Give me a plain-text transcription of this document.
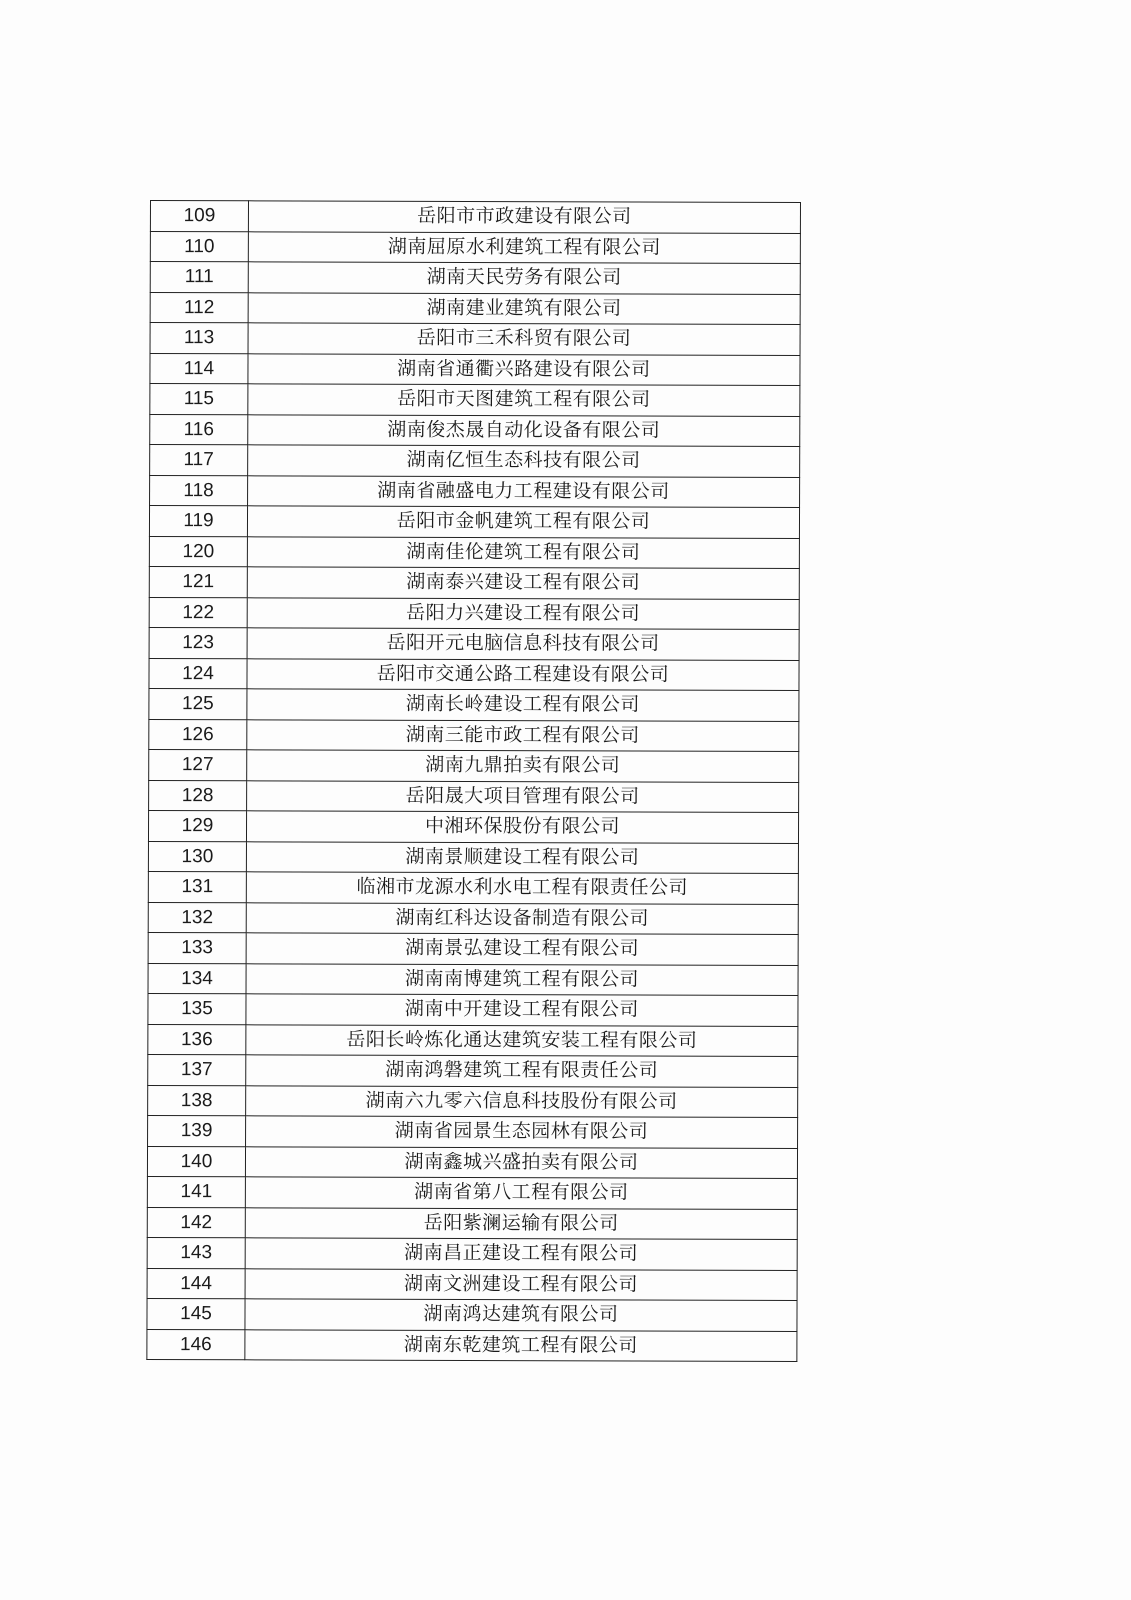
109	岳阳市市政建设有限公司
110	湖南屈原水利建筑工程有限公司
111	湖南天民劳务有限公司
112	湖南建业建筑有限公司
113	岳阳市三禾科贸有限公司
114	湖南省通衢兴路建设有限公司
115	岳阳市天图建筑工程有限公司
116	湖南俊杰晟自动化设备有限公司
117	湖南亿恒生态科技有限公司
118	湖南省融盛电力工程建设有限公司
119	岳阳市金帆建筑工程有限公司
120	湖南佳伦建筑工程有限公司
121	湖南泰兴建设工程有限公司
122	岳阳力兴建设工程有限公司
123	岳阳开元电脑信息科技有限公司
124	岳阳市交通公路工程建设有限公司
125	湖南长岭建设工程有限公司
126	湖南三能市政工程有限公司
127	湖南九鼎拍卖有限公司
128	岳阳晟大项目管理有限公司
129	中湘环保股份有限公司
130	湖南景顺建设工程有限公司
131	临湘市龙源水利水电工程有限责任公司
132	湖南红科达设备制造有限公司
133	湖南景弘建设工程有限公司
134	湖南南博建筑工程有限公司
135	湖南中开建设工程有限公司
136	岳阳长岭炼化通达建筑安装工程有限公司
137	湖南鸿磐建筑工程有限责任公司
138	湖南六九零六信息科技股份有限公司
139	湖南省园景生态园林有限公司
140	湖南鑫城兴盛拍卖有限公司
141	湖南省第八工程有限公司
142	岳阳紫澜运输有限公司
143	湖南昌正建设工程有限公司
144	湖南文洲建设工程有限公司
145	湖南鸿达建筑有限公司
146	湖南东乾建筑工程有限公司
